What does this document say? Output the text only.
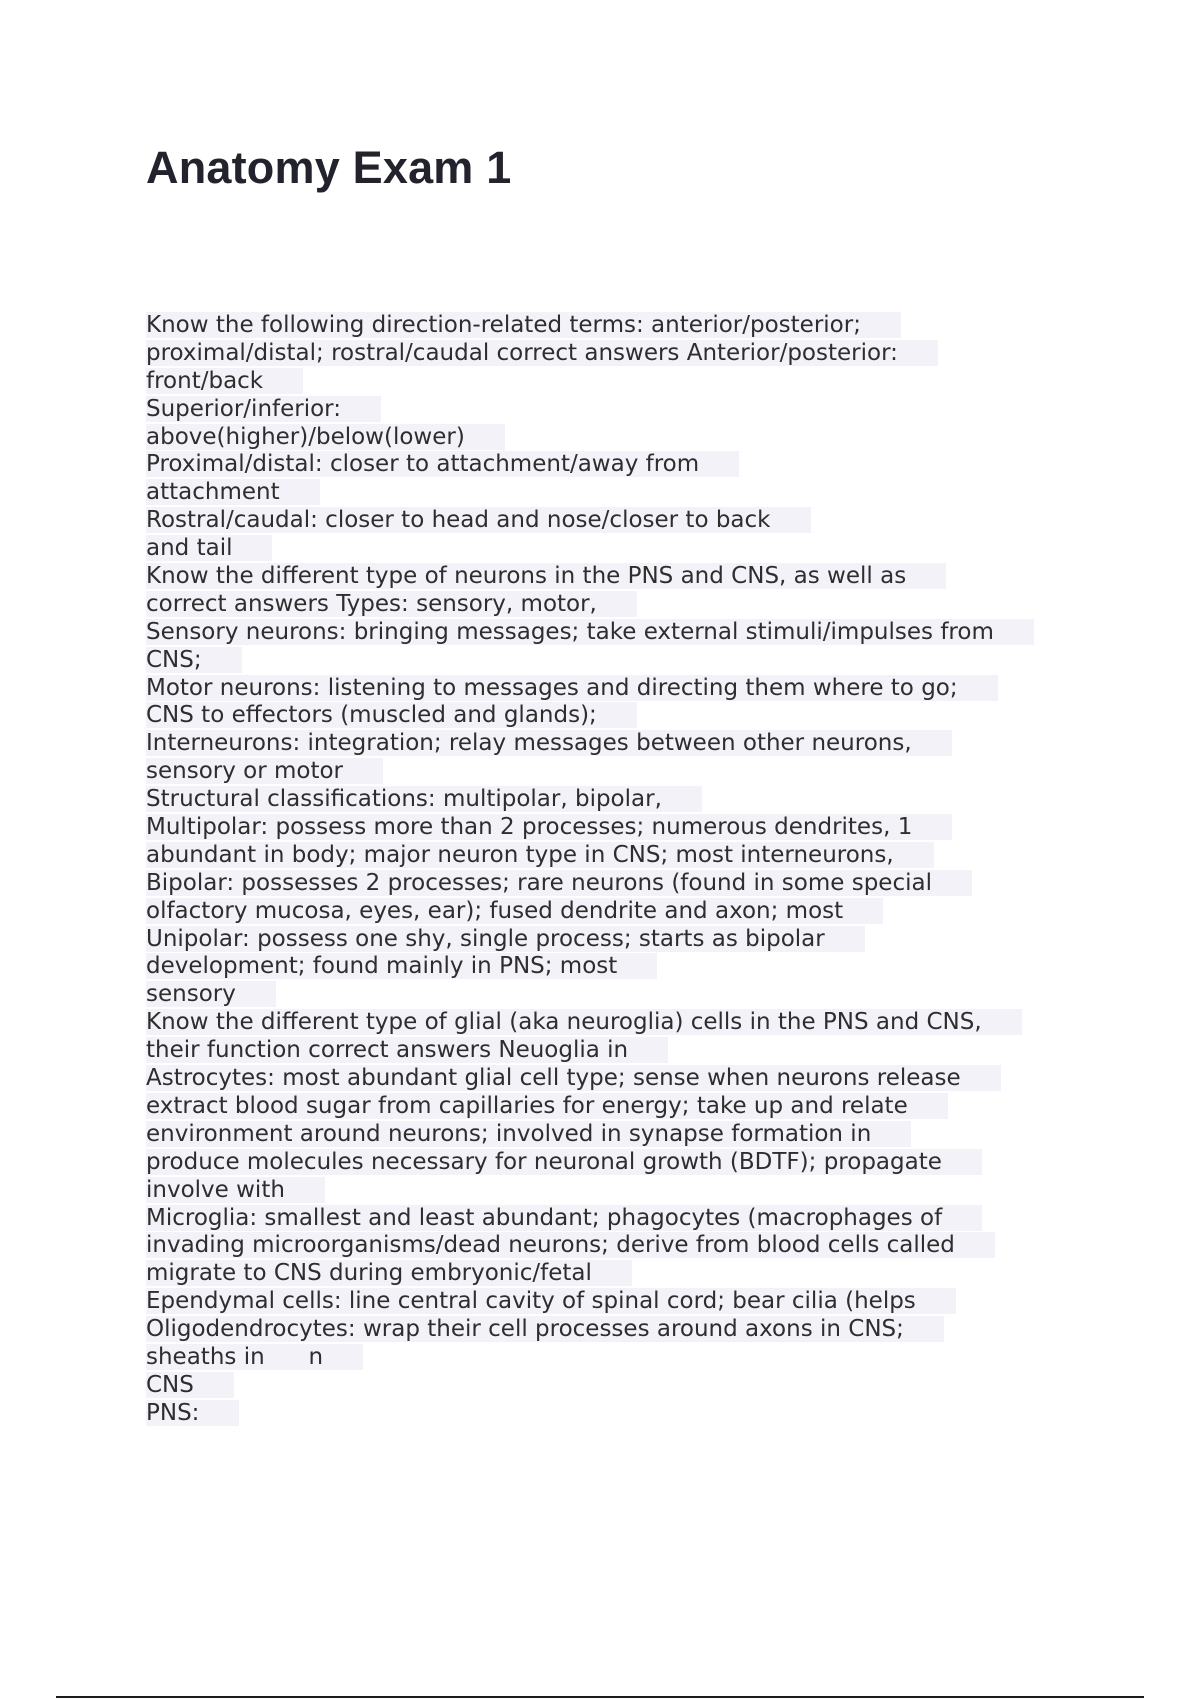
Anatomy Exam 1
Know the following direction-related terms: anterior/posterior;
proximal/distal; rostral/caudal correct answers Anterior/posterior:
front/back
Superior/inferior:
above(higher)/below(lower)
Proximal/distal: closer to attachment/away from
attachment
Rostral/caudal: closer to head and nose/closer to back
and tail
Know the different type of neurons in the PNS and CNS, as well as
correct answers Types: sensory, motor,
Sensory neurons: bringing messages; take external stimuli/impulses from
CNS;
Motor neurons: listening to messages and directing them where to go;
CNS to effectors (muscled and glands);
Interneurons: integration; relay messages between other neurons,
sensory or motor
Structural classifications: multipolar, bipolar,
Multipolar: possess more than 2 processes; numerous dendrites, 1
abundant in body; major neuron type in CNS; most interneurons,
Bipolar: possesses 2 processes; rare neurons (found in some special
olfactory mucosa, eyes, ear); fused dendrite and axon; most
Unipolar: possess one shy, single process; starts as bipolar
development; found mainly in PNS; most
sensory
Know the different type of glial (aka neuroglia) cells in the PNS and CNS,
their function correct answers Neuoglia in
Astrocytes: most abundant glial cell type; sense when neurons release
extract blood sugar from capillaries for energy; take up and relate
environment around neurons; involved in synapse formation in
produce molecules necessary for neuronal growth (BDTF); propagate
involve with
Microglia: smallest and least abundant; phagocytes (macrophages of
invading microorganisms/dead neurons; derive from blood cells called
migrate to CNS during embryonic/fetal
Ependymal cells: line central cavity of spinal cord; bear cilia (helps
Oligodendrocytes: wrap their cell processes around axons in CNS;
sheaths in      n
CNS
PNS:
